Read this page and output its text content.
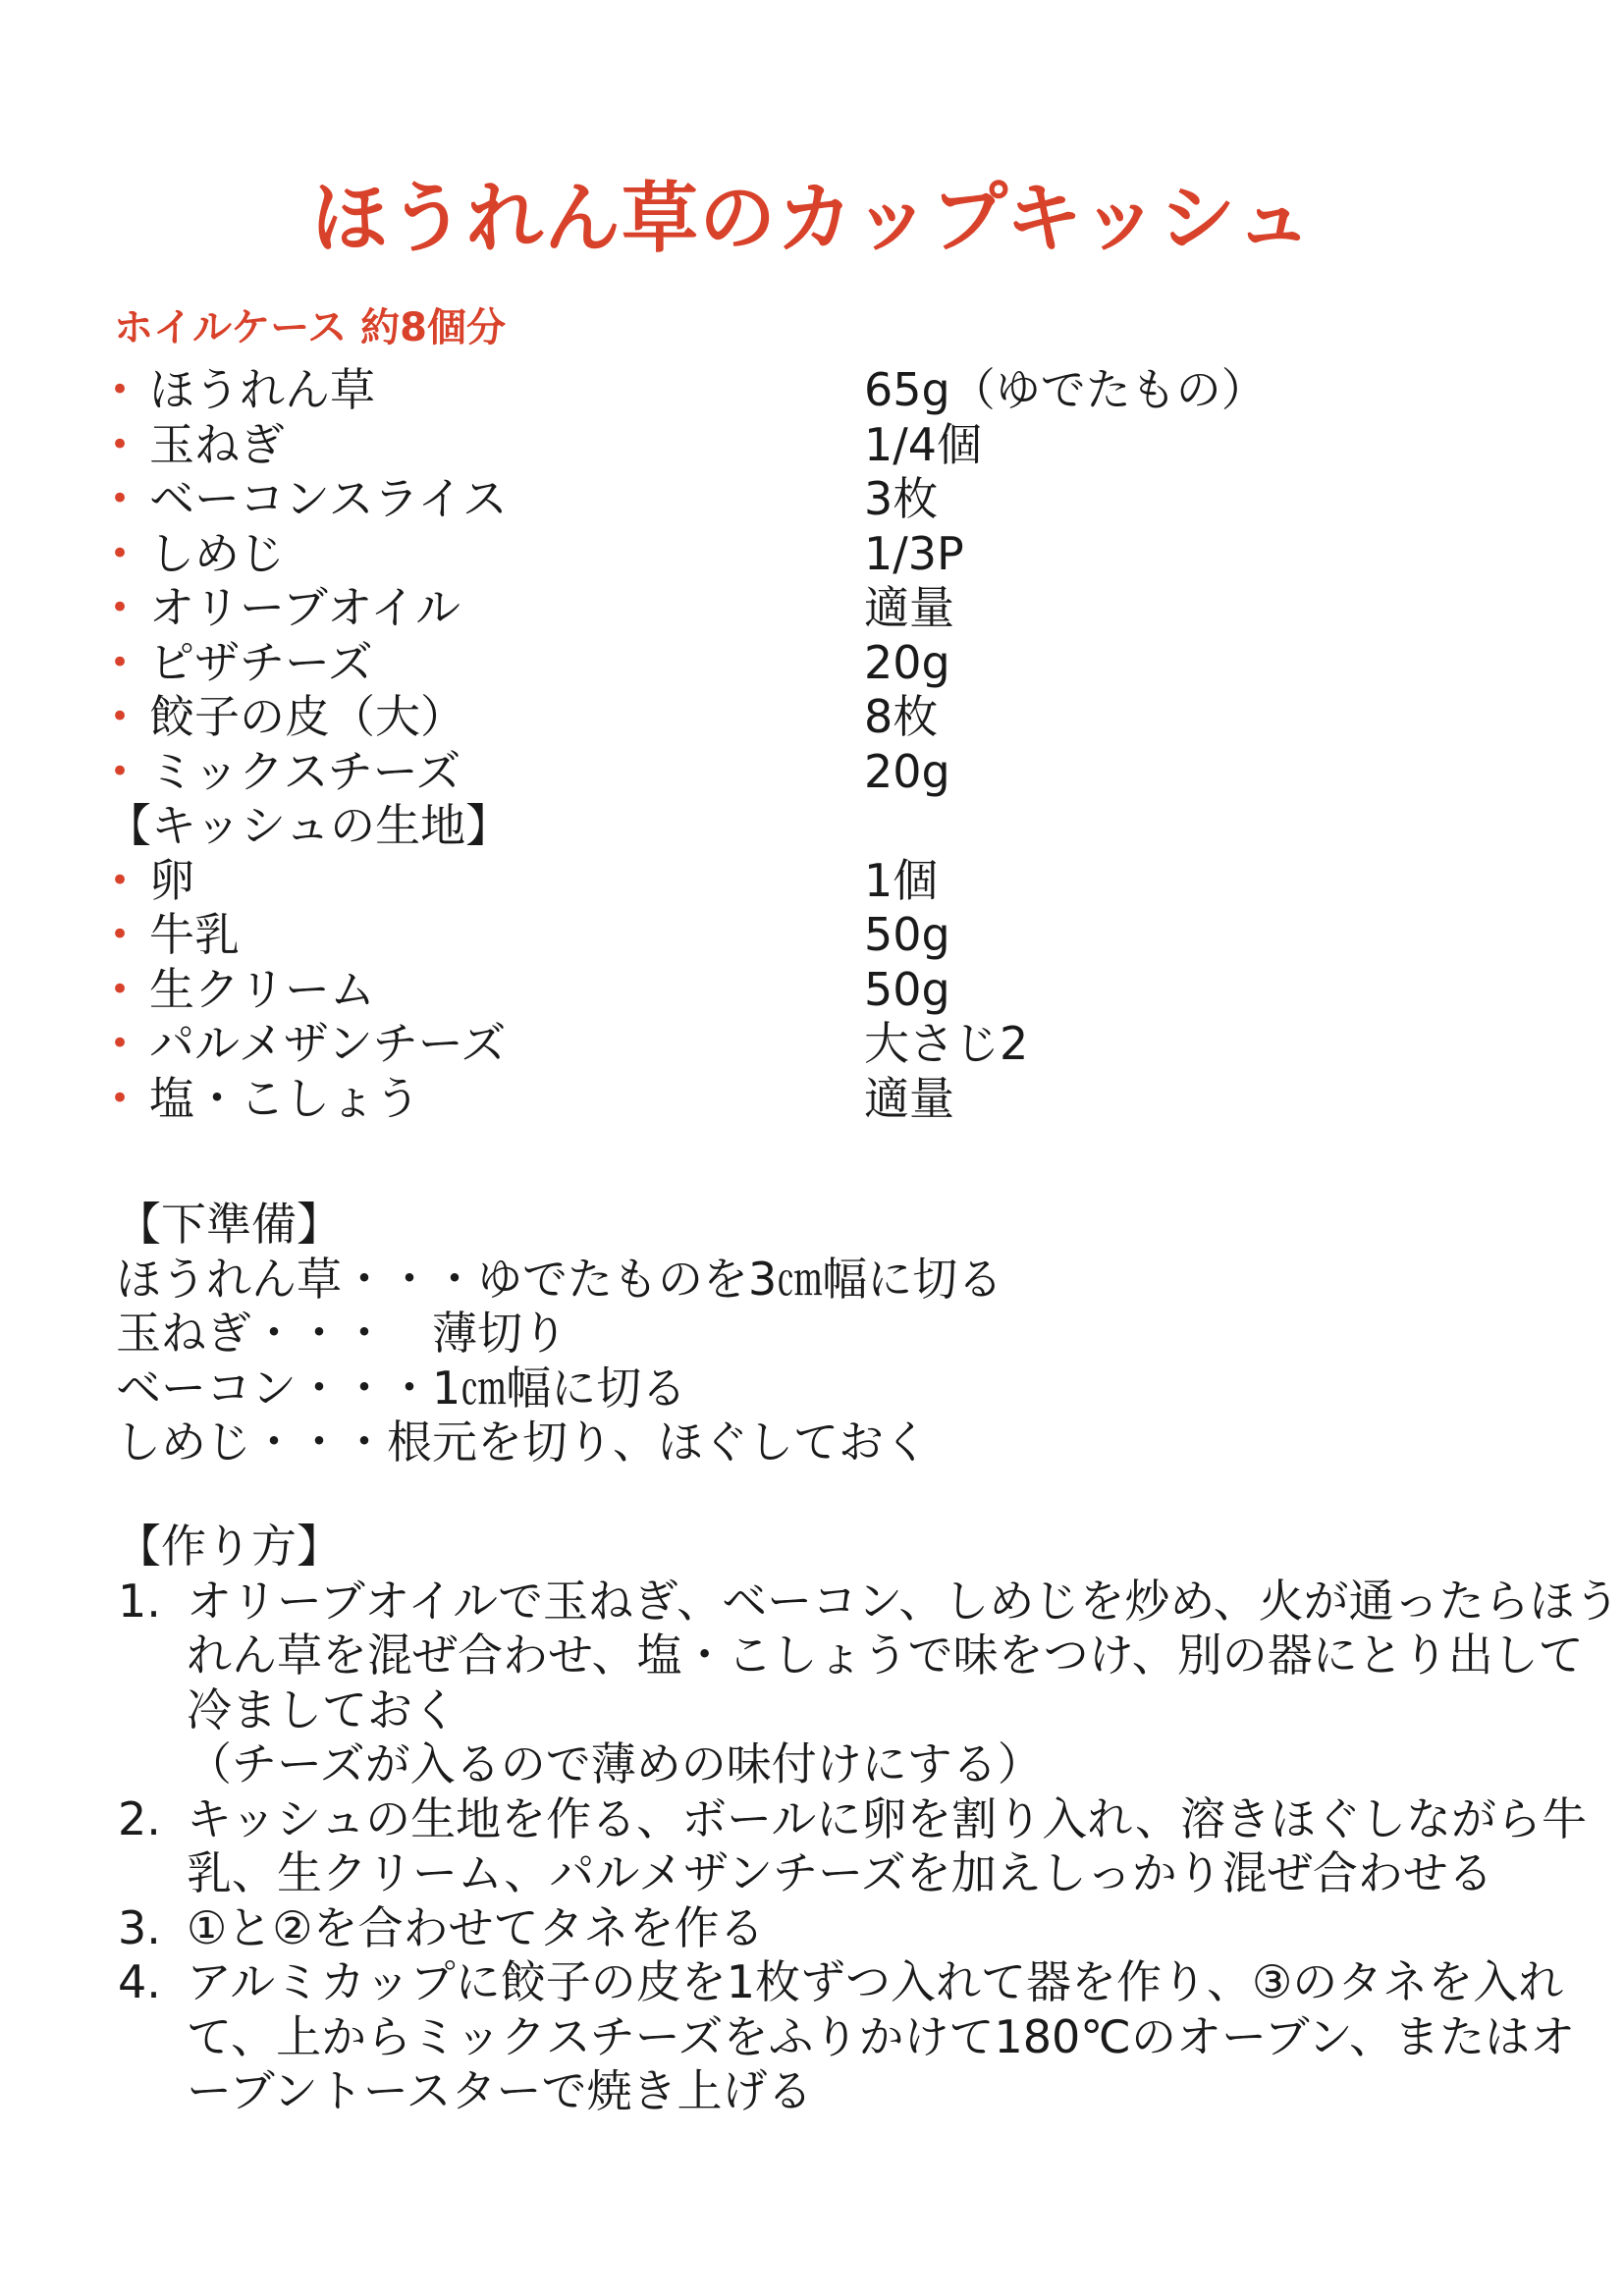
ほうれん草のカップキッシュ
ホイルケース 約8個分
• ほうれん草	65g（ゆでたもの）
• 玉ねぎ	1/4個
• ベーコンスライス	3枚
• しめじ	1/3P
• オリーブオイル	適量
• ピザチーズ	20g
• 餃子の皮（大）	8枚
• ミックスチーズ	20g
【キッシュの生地】
• 卵	1個
• 牛乳	50g
• 生クリーム	50g
• パルメザンチーズ	大さじ2
• 塩・こしょう	適量
【下準備】
ほうれん草・・・ゆでたものを3㎝幅に切る
玉ねぎ・・・　薄切り
ベーコン・・・1㎝幅に切る
しめじ・・・根元を切り、ほぐしておく
【作り方】
1. オリーブオイルで玉ねぎ、ベーコン、しめじを炒め、火が通ったらほう
れん草を混ぜ合わせ、塩・こしょうで味をつけ、別の器にとり出して
冷ましておく
（チーズが入るので薄めの味付けにする）
2. キッシュの生地を作る、ボールに卵を割り入れ、溶きほぐしながら牛
乳、生クリーム、パルメザンチーズを加えしっかり混ぜ合わせる
3. ①と②を合わせてタネを作る
4. アルミカップに餃子の皮を1枚ずつ入れて器を作り、③のタネを入れ
て、上からミックスチーズをふりかけて180℃のオーブン、またはオ
ーブントースターで焼き上げる
